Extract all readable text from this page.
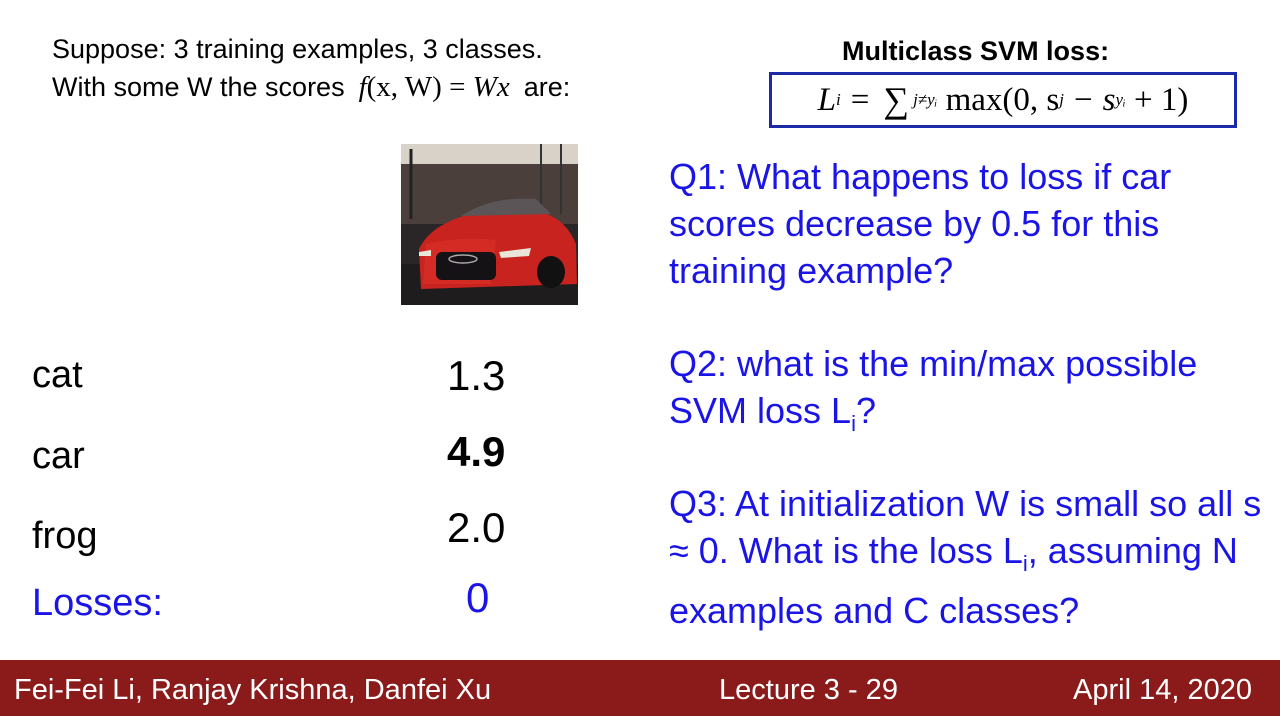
Suppose: 3 training examples, 3 classes.
With some W the scores f(x, W) = Wx are:
Multiclass SVM loss:
L i = ∑ j≠yᵢ
max(0, s j − s yᵢ
+ 1)
cat	1.3
car	4.9
frog	2.0
Losses:	0
Q1: What happens to loss if car scores decrease by 0.5 for this training example?
Q2: what is the min/max possible SVM loss $L_i$?
Q3: At initialization W is small so all s ≈ 0. What is the loss $L_i$, assuming N examples and C classes?
Fei-Fei Li, Ranjay Krishna, Danfei Xu	Lecture 3 - 29	April 14, 2020
